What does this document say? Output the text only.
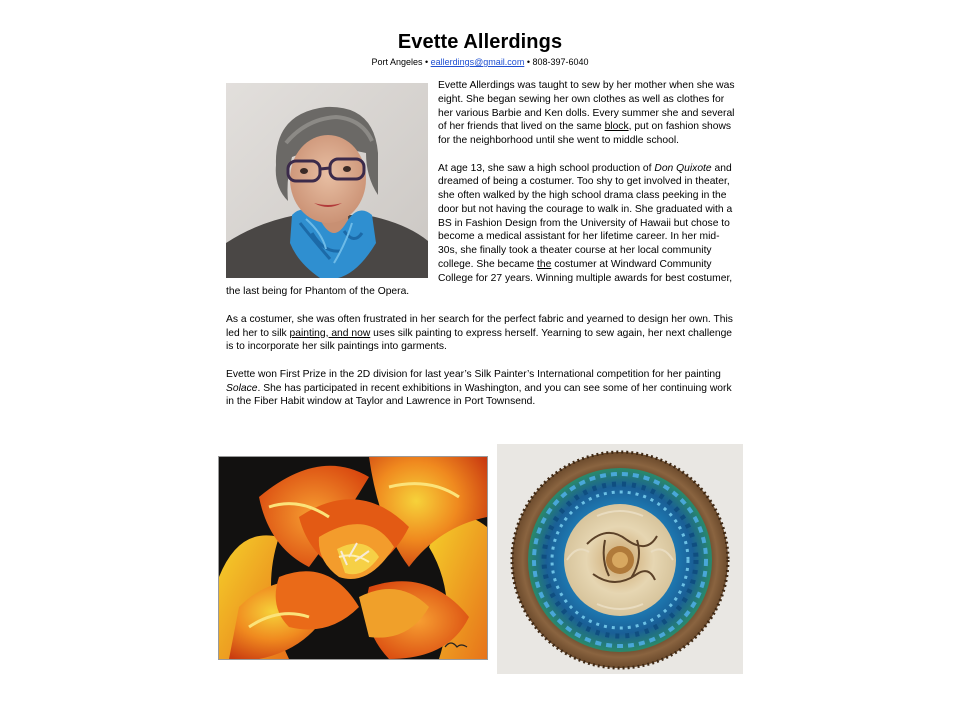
Evette Allerdings
Port Angeles • eallerdings@gmail.com • 808-397-6040

Evette Allerdings was taught to sew by her mother when she was eight. She began sewing her own clothes as well as clothes for her various Barbie and Ken dolls. Every summer she and several of her friends that lived on the same block, put on fashion shows for the neighborhood until she went to middle school.

At age 13, she saw a high school production of Don Quixote and dreamed of being a costumer. Too shy to get involved in theater, she often walked by the high school drama class peeking in the door but not having the courage to walk in. She graduated with a BS in Fashion Design from the University of Hawaii but chose to become a medical assistant for her lifetime career. In her mid-30s, she finally took a theater course at her local community college. She became the costumer at Windward Community College for 27 years. Winning multiple awards for best costumer, the last being for Phantom of the Opera.

As a costumer, she was often frustrated in her search for the perfect fabric and yearned to design her own. This led her to silk painting, and now uses silk painting to express herself. Yearning to sew again, her next challenge is to incorporate her silk paintings into garments.

Evette won First Prize in the 2D division for last year’s Silk Painter’s International competition for her painting Solace. She has participated in recent exhibitions in Washington, and you can see some of her continuing work in the Fiber Habit window at Taylor and Lawrence in Port Townsend.
